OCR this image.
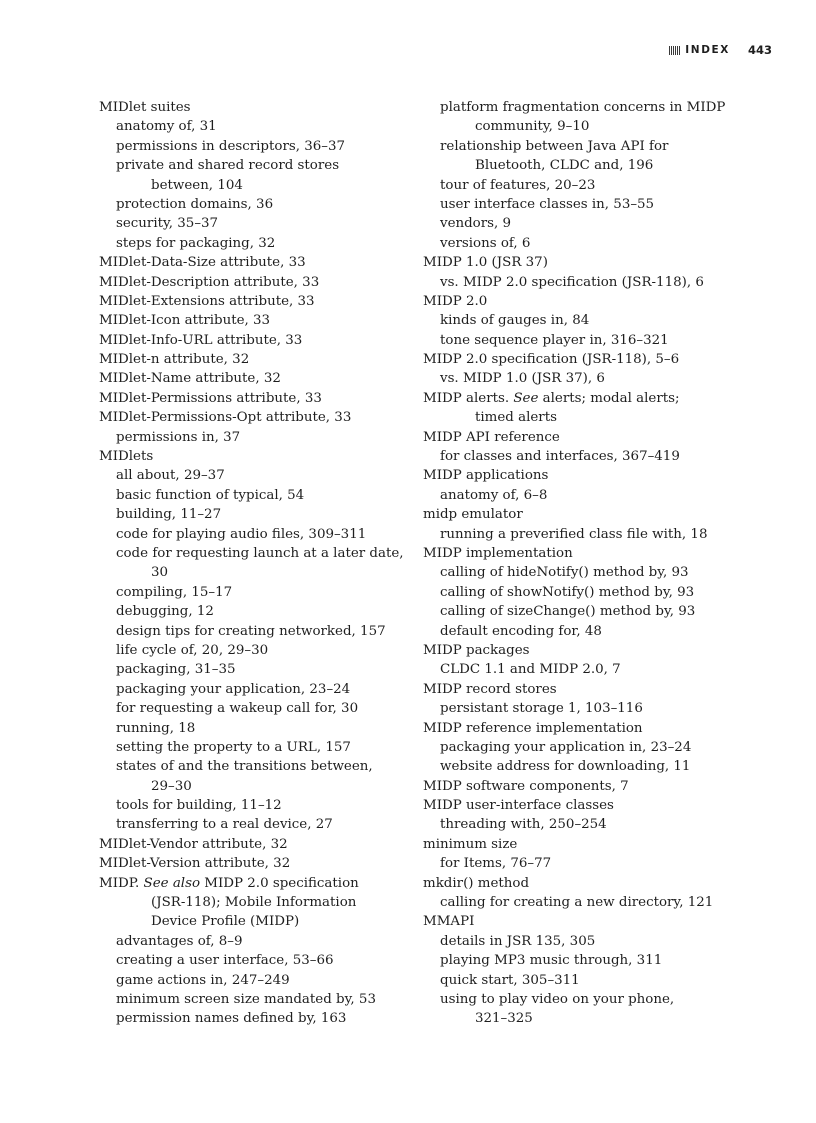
INDEX 443
MIDlet suites
anatomy of, 31
permissions in descriptors, 36–37
private and shared record stores
between, 104
protection domains, 36
security, 35–37
steps for packaging, 32
MIDlet-Data-Size attribute, 33
MIDlet-Description attribute, 33
MIDlet-Extensions attribute, 33
MIDlet-Icon attribute, 33
MIDlet-Info-URL attribute, 33
MIDlet-n attribute, 32
MIDlet-Name attribute, 32
MIDlet-Permissions attribute, 33
MIDlet-Permissions-Opt attribute, 33
permissions in, 37
MIDlets
all about, 29–37
basic function of typical, 54
building, 11–27
code for playing audio files, 309–311
code for requesting launch at a later date,
30
compiling, 15–17
debugging, 12
design tips for creating networked, 157
life cycle of, 20, 29–30
packaging, 31–35
packaging your application, 23–24
for requesting a wakeup call for, 30
running, 18
setting the property to a URL, 157
states of and the transitions between,
29–30
tools for building, 11–12
transferring to a real device, 27
MIDlet-Vendor attribute, 32
MIDlet-Version attribute, 32
MIDP. See also MIDP 2.0 specification
(JSR-118); Mobile Information
Device Profile (MIDP)
advantages of, 8–9
creating a user interface, 53–66
game actions in, 247–249
minimum screen size mandated by, 53
permission names defined by, 163
platform fragmentation concerns in MIDP
community, 9–10
relationship between Java API for
Bluetooth, CLDC and, 196
tour of features, 20–23
user interface classes in, 53–55
vendors, 9
versions of, 6
MIDP 1.0 (JSR 37)
vs. MIDP 2.0 specification (JSR-118), 6
MIDP 2.0
kinds of gauges in, 84
tone sequence player in, 316–321
MIDP 2.0 specification (JSR-118), 5–6
vs. MIDP 1.0 (JSR 37), 6
MIDP alerts. See alerts; modal alerts;
timed alerts
MIDP API reference
for classes and interfaces, 367–419
MIDP applications
anatomy of, 6–8
midp emulator
running a preverified class file with, 18
MIDP implementation
calling of hideNotify() method by, 93
calling of showNotify() method by, 93
calling of sizeChange() method by, 93
default encoding for, 48
MIDP packages
CLDC 1.1 and MIDP 2.0, 7
MIDP record stores
persistant storage 1, 103–116
MIDP reference implementation
packaging your application in, 23–24
website address for downloading, 11
MIDP software components, 7
MIDP user-interface classes
threading with, 250–254
minimum size
for Items, 76–77
mkdir() method
calling for creating a new directory, 121
MMAPI
details in JSR 135, 305
playing MP3 music through, 311
quick start, 305–311
using to play video on your phone,
321–325
